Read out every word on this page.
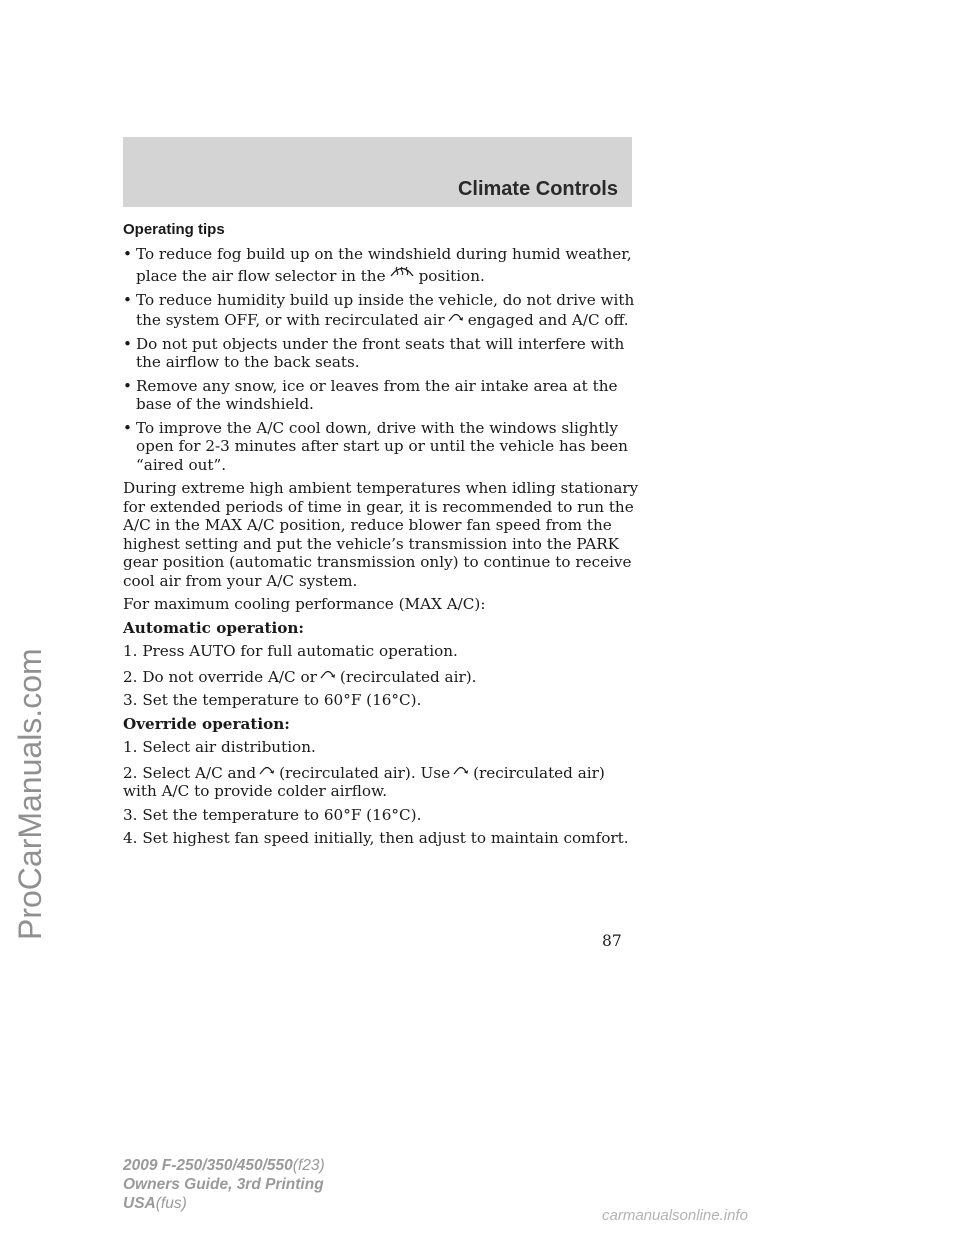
Climate Controls
ProCarManuals.com
Operating tips
• To reduce fog build up on the windshield during humid weather, place the air flow selector in the position.
• To reduce humidity build up inside the vehicle, do not drive with the system OFF, or with recirculated air engaged and A/C off.
• Do not put objects under the front seats that will interfere with the airflow to the back seats.
• Remove any snow, ice or leaves from the air intake area at the base of the windshield.
• To improve the A/C cool down, drive with the windows slightly open for 2-3 minutes after start up or until the vehicle has been “aired out”.

During extreme high ambient temperatures when idling stationary for extended periods of time in gear, it is recommended to run the A/C in the MAX A/C position, reduce blower fan speed from the highest setting and put the vehicle’s transmission into the PARK gear position (automatic transmission only) to continue to receive cool air from your A/C system.

For maximum cooling performance (MAX A/C):

Automatic operation:

1. Press AUTO for full automatic operation.

2. Do not override A/C or (recirculated air).

3. Set the temperature to 60°F (16°C).

Override operation:

1. Select air distribution.

2. Select A/C and (recirculated air). Use (recirculated air) with A/C to provide colder airflow.

3. Set the temperature to 60°F (16°C).

4. Set highest fan speed initially, then adjust to maintain comfort.

87
2009 F-250/350/450/550(f23)
Owners Guide, 3rd Printing
USA(fus)
carmanualsonline.info
